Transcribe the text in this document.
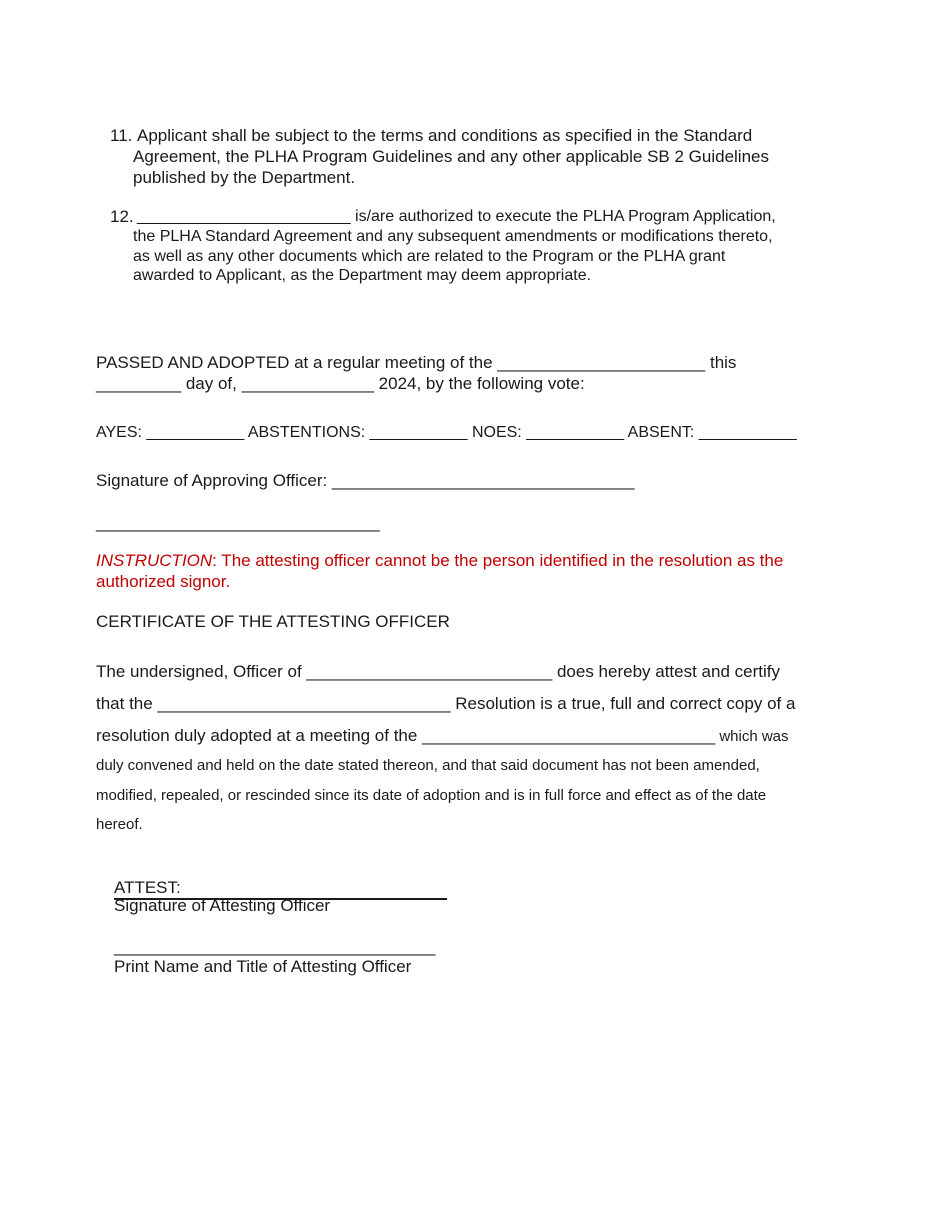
11. Applicant shall be subject to the terms and conditions as specified in the Standard
Agreement, the PLHA Program Guidelines and any other applicable SB 2 Guidelines
published by the Department.
12. ________________________ is/are authorized to execute the PLHA Program Application,
the PLHA Standard Agreement and any subsequent amendments or modifications thereto,
as well as any other documents which are related to the Program or the PLHA grant
awarded to Applicant, as the Department may deem appropriate.
PASSED AND ADOPTED at a regular meeting of the ______________________ this
_________ day of, ______________ 2024, by the following vote:
AYES: ___________ ABSTENTIONS: ___________ NOES: ___________ ABSENT: ___________
Signature of Approving Officer: ________________________________
______________________________
INSTRUCTION: The attesting officer cannot be the person identified in the resolution as the
authorized signor.
CERTIFICATE OF THE ATTESTING OFFICER
The undersigned, Officer of __________________________ does hereby attest and certify
that the _______________________________ Resolution is a true, full and correct copy of a
resolution duly adopted at a meeting of the _______________________________ which was
duly convened and held on the date stated thereon, and that said document has not been amended,
modified, repealed, or rescinded since its date of adoption and is in full force and effect as of the date
hereof.
ATTEST:
Signature of Attesting Officer
__________________________________
Print Name and Title of Attesting Officer
